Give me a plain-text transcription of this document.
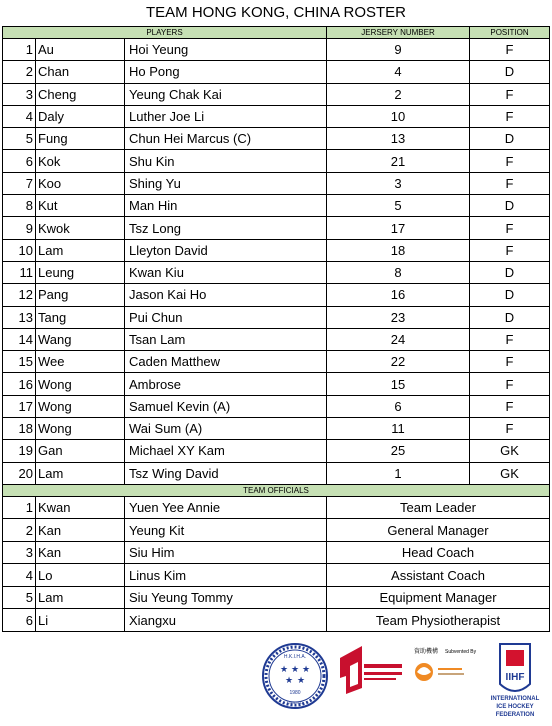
TEAM HONG KONG, CHINA ROSTER
PLAYERS			JERSERY NUMBER	POSITION
1	Au	Hoi Yeung	9	F
2	Chan	Ho Pong	4	D
3	Cheng	Yeung Chak Kai	2	F
4	Daly	Luther Joe Li	10	F
5	Fung	Chun Hei Marcus (C)	13	D
6	Kok	Shu Kin	21	F
7	Koo	Shing Yu	3	F
8	Kut	Man Hin	5	D
9	Kwok	Tsz Long	17	F
10	Lam	Lleyton David	18	F
11	Leung	Kwan Kiu	8	D
12	Pang	Jason Kai Ho	16	D
13	Tang	Pui Chun	23	D
14	Wang	Tsan Lam	24	F
15	Wee	Caden Matthew	22	F
16	Wong	Ambrose	15	F
17	Wong	Samuel Kevin (A)	6	F
18	Wong	Wai Sum (A)	11	F
19	Gan	Michael XY Kam	25	GK
20	Lam	Tsz Wing David	1	GK
TEAM OFFICIALS				
1	Kwan	Yuen Yee Annie	Team Leader	
2	Kan	Yeung Kit	General Manager	
3	Kan	Siu Him	Head Coach	
4	Lo	Linus Kim	Assistant Coach	
5	Lam	Siu Yeung Tommy	Equipment Manager	
6	Li	Xiangxu	Team Physiotherapist	
H.K.I.H.A.
★ ★ ★
★ ★
1980
LIMITED
資助機構 Subvented By
IIHF
INTERNATIONAL
ICE HOCKEY
FEDERATION
